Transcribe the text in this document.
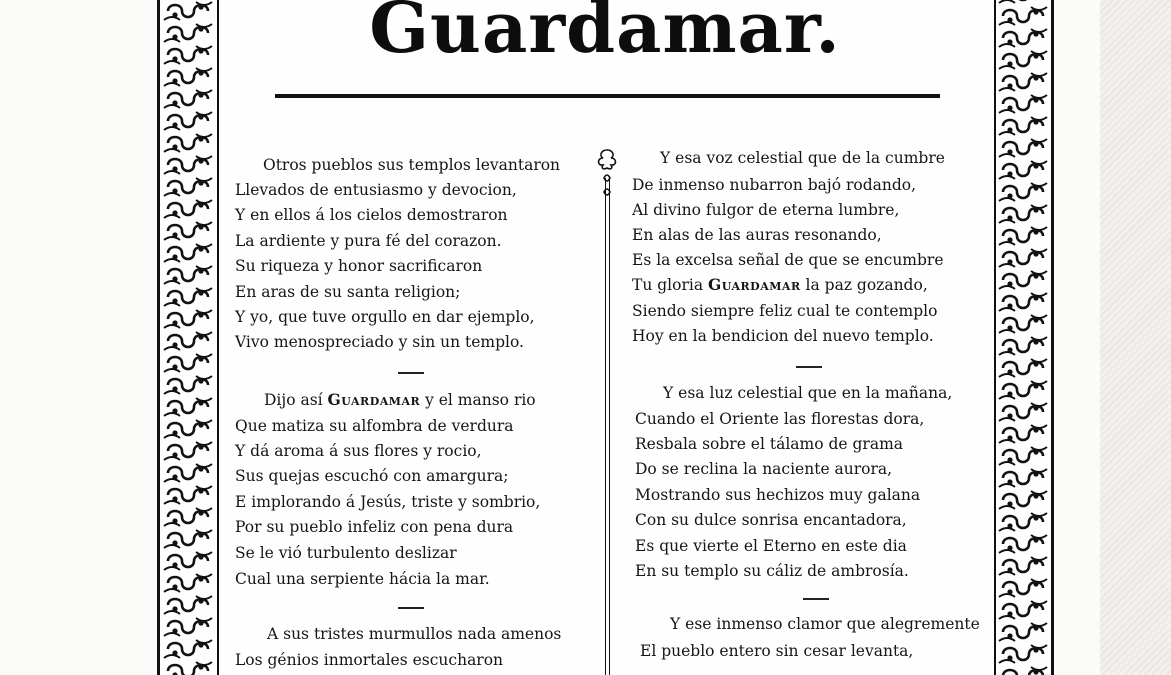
Guardamar.
Otros pueblos sus templos levantaron
Llevados de entusiasmo y devocion,
Y en ellos á los cielos demostraron
La ardiente y pura fé del corazon.
Su riqueza y honor sacrificaron
En aras de su santa religion;
Y yo, que tuve orgullo en dar ejemplo,
Vivo menospreciado y sin un templo.
Dijo así Guardamar y el manso rio
Que matiza su alfombra de verdura
Y dá aroma á sus flores y rocio,
Sus quejas escuchó con amargura;
E implorando á Jesús, triste y sombrio,
Por su pueblo infeliz con pena dura
Se le vió turbulento deslizar
Cual una serpiente hácia la mar.
A sus tristes murmullos nada amenos
Los génios inmortales escucharon
Y esa voz celestial que de la cumbre
De inmenso nubarron bajó rodando,
Al divino fulgor de eterna lumbre,
En alas de las auras resonando,
Es la excelsa señal de que se encumbre
Tu gloria Guardamar la paz gozando,
Siendo siempre feliz cual te contemplo
Hoy en la bendicion del nuevo templo.
Y esa luz celestial que en la mañana,
Cuando el Oriente las florestas dora,
Resbala sobre el tálamo de grama
Do se reclina la naciente aurora,
Mostrando sus hechizos muy galana
Con su dulce sonrisa encantadora,
Es que vierte el Eterno en este dia
En su templo su cáliz de ambrosía.
Y ese inmenso clamor que alegremente
El pueblo entero sin cesar levanta,
